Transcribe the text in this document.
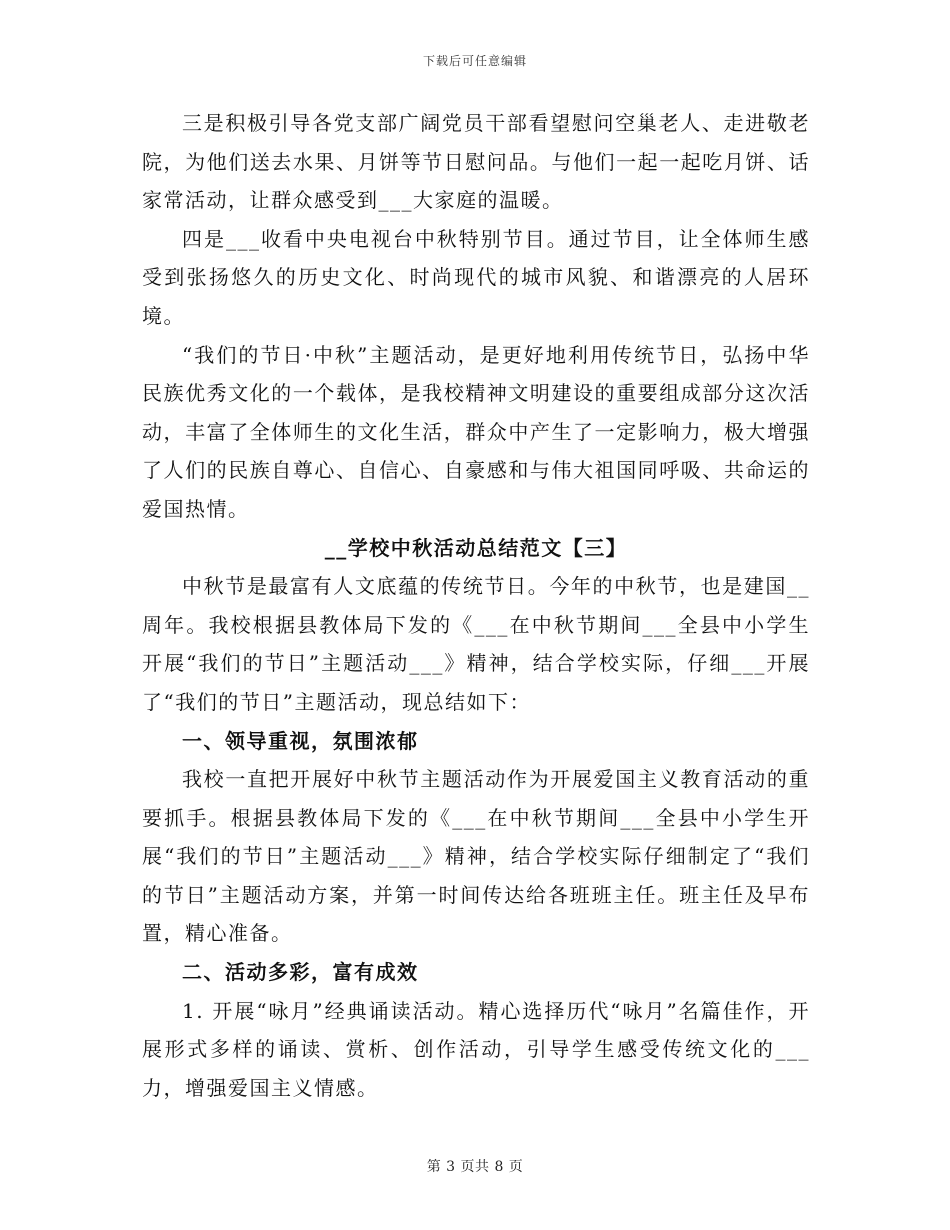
下载后可任意编辑

三是积极引导各党支部广阔党员干部看望慰问空巢老人、走进敬老院，为他们送去水果、月饼等节日慰问品。与他们一起一起吃月饼、话家常活动，让群众感受到___大家庭的温暖。

四是___收看中央电视台中秋特别节目。通过节目，让全体师生感受到张扬悠久的历史文化、时尚现代的城市风貌、和谐漂亮的人居环境。

“我们的节日·中秋”主题活动，是更好地利用传统节日，弘扬中华民族优秀文化的一个载体，是我校精神文明建设的重要组成部分这次活动，丰富了全体师生的文化生活，群众中产生了一定影响力，极大增强了人们的民族自尊心、自信心、自豪感和与伟大祖国同呼吸、共命运的爱国热情。

__学校中秋活动总结范文【三】

中秋节是最富有人文底蕴的传统节日。今年的中秋节，也是建国__周年。我校根据县教体局下发的《___在中秋节期间___全县中小学生开展“我们的节日”主题活动___》精神，结合学校实际，仔细___开展了“我们的节日”主题活动，现总结如下：

一、领导重视，氛围浓郁

我校一直把开展好中秋节主题活动作为开展爱国主义教育活动的重要抓手。根据县教体局下发的《___在中秋节期间___全县中小学生开展“我们的节日”主题活动___》精神，结合学校实际仔细制定了“我们的节日”主题活动方案，并第一时间传达给各班班主任。班主任及早布置，精心准备。

二、活动多彩，富有成效

1. 开展“咏月”经典诵读活动。精心选择历代“咏月”名篇佳作，开展形式多样的诵读、赏析、创作活动，引导学生感受传统文化的___力，增强爱国主义情感。

第 3 页共 8 页
